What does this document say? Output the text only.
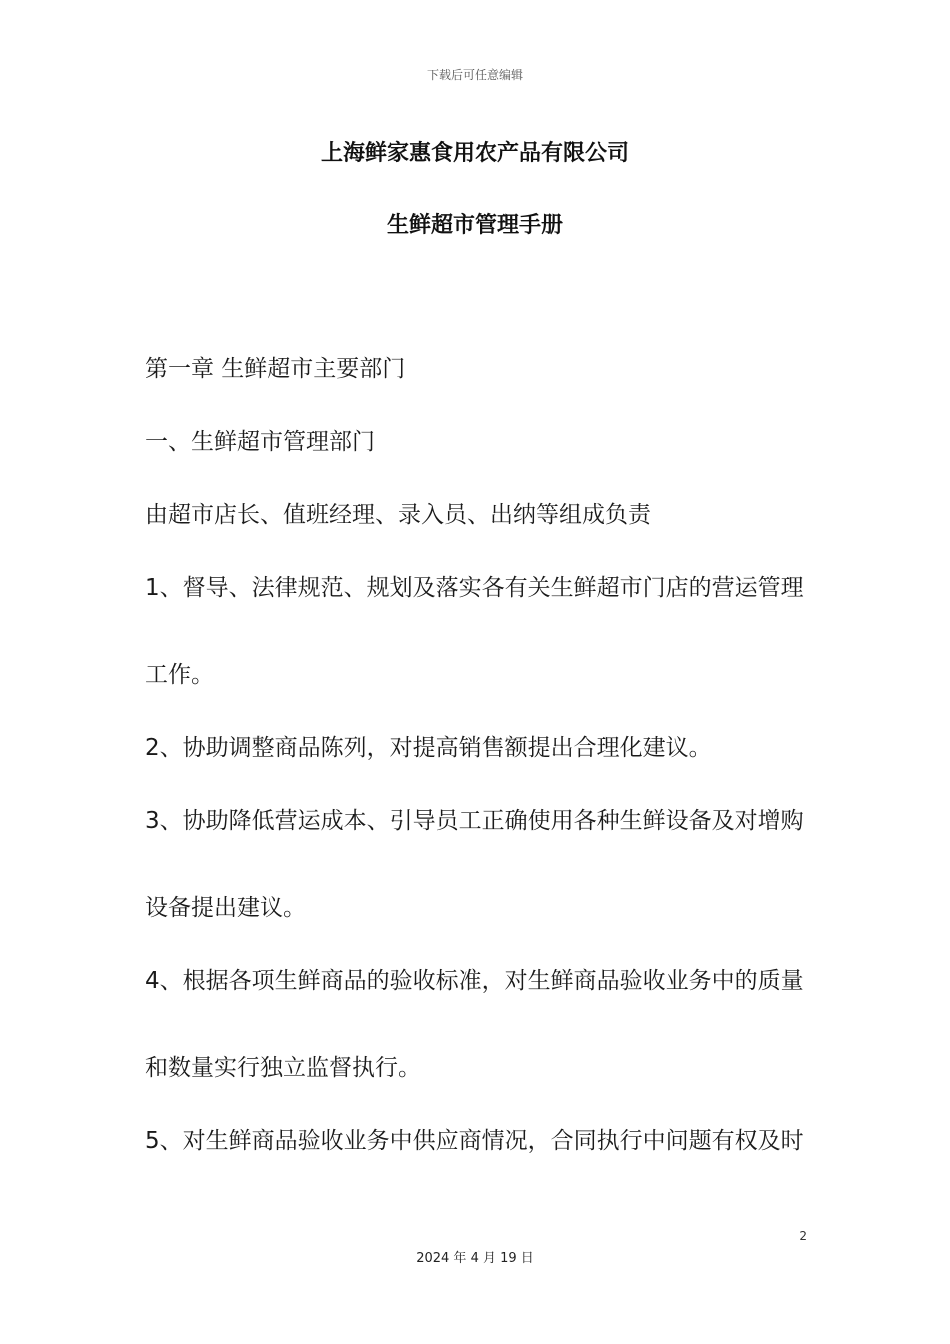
下载后可任意编辑
上海鲜家惠食用农产品有限公司
生鲜超市管理手册
第一章 生鲜超市主要部门
一、生鲜超市管理部门
由超市店长、值班经理、录入员、出纳等组成负责
1、督导、法律规范、规划及落实各有关生鲜超市门店的营运管理
工作。
2、协助调整商品陈列，对提高销售额提出合理化建议。
3、协助降低营运成本、引导员工正确使用各种生鲜设备及对增购
设备提出建议。
4、根据各项生鲜商品的验收标准，对生鲜商品验收业务中的质量
和数量实行独立监督执行。
5、对生鲜商品验收业务中供应商情况，合同执行中问题有权及时
2
2024 年 4 月 19 日
